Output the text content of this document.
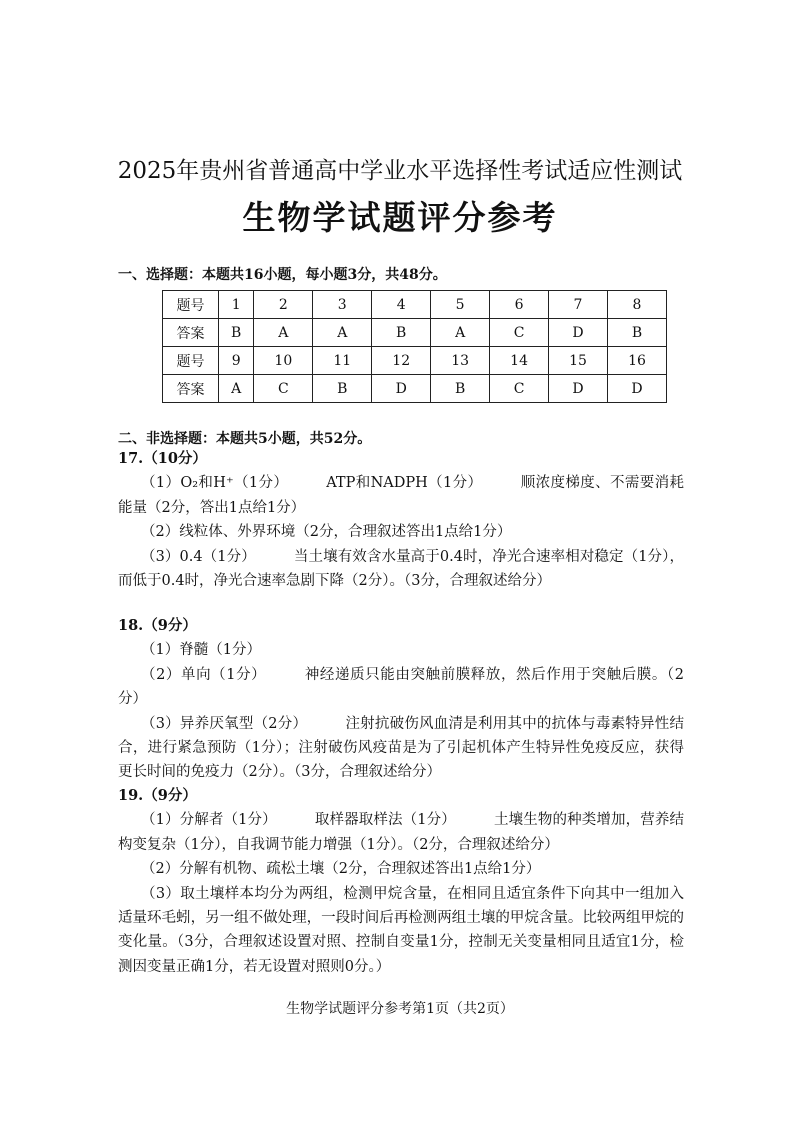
2025年贵州省普通高中学业水平选择性考试适应性测试
生物学试题评分参考
一、选择题：本题共16小题，每小题3分，共48分。
题号	1	2	3	4	5	6	7	8
答案	B	A	A	B	A	C	D	B
题号	9	10	11	12	13	14	15	16
答案	A	C	B	D	B	C	D	D
二、非选择题：本题共5小题，共52分。
17.（10分）

（1）O₂和H⁺（1分）	ATP和NADPH（1分）	顺浓度梯度、不需要消耗能量（2分，答出1点给1分）

（2）线粒体、外界环境（2分，合理叙述答出1点给1分）

（3）0.4（1分）	当土壤有效含水量高于0.4时，净光合速率相对稳定（1分），而低于0.4时，净光合速率急剧下降（2分）。（3分，合理叙述给分）

18.（9分）

（1）脊髓（1分）

（2）单向（1分）	神经递质只能由突触前膜释放，然后作用于突触后膜。（2分）

（3）异养厌氧型（2分）	注射抗破伤风血清是利用其中的抗体与毒素特异性结合，进行紧急预防（1分）；注射破伤风疫苗是为了引起机体产生特异性免疫反应，获得更长时间的免疫力（2分）。（3分，合理叙述给分）

19.（9分）

（1）分解者（1分）	取样器取样法（1分）	土壤生物的种类增加，营养结构变复杂（1分），自我调节能力增强（1分）。（2分，合理叙述给分）

（2）分解有机物、疏松土壤（2分，合理叙述答出1点给1分）

（3）取土壤样本均分为两组，检测甲烷含量，在相同且适宜条件下向其中一组加入适量环毛蚓，另一组不做处理，一段时间后再检测两组土壤的甲烷含量。比较两组甲烷的变化量。（3分，合理叙述设置对照、控制自变量1分，控制无关变量相同且适宜1分，检测因变量正确1分，若无设置对照则0分。）

生物学试题评分参考第1页（共2页）
